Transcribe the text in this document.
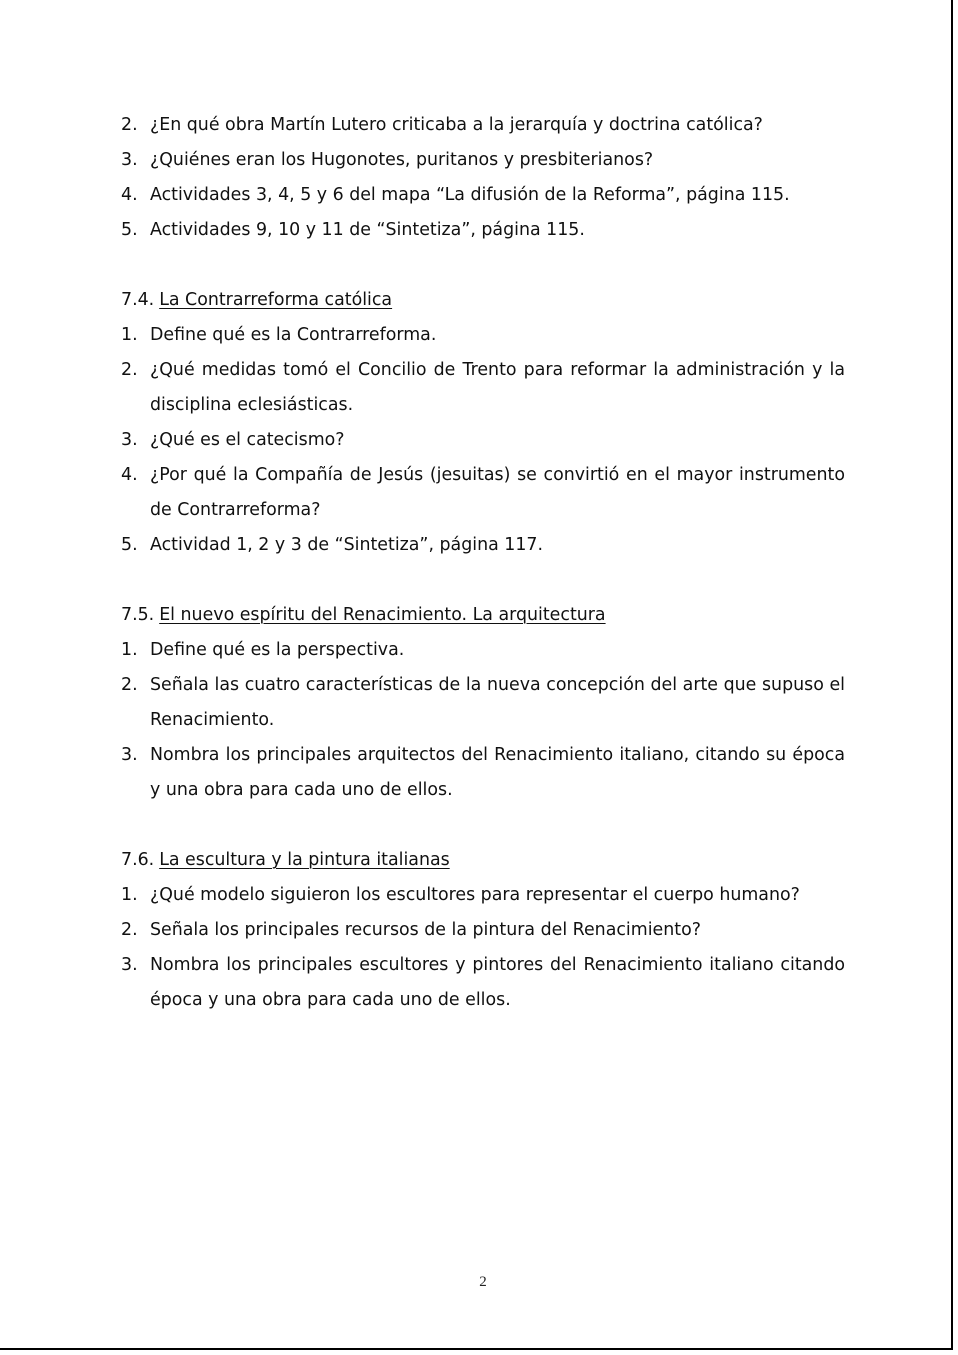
2. ¿En qué obra Martín Lutero criticaba a la jerarquía y doctrina católica?
3. ¿Quiénes eran los Hugonotes, puritanos y presbiterianos?
4. Actividades 3, 4, 5 y 6 del mapa “La difusión de la Reforma”, página 115.
5. Actividades 9, 10 y 11 de “Sintetiza”, página 115.
7.4. La Contrarreforma católica
1. Define qué es la Contrarreforma.
2. ¿Qué medidas tomó el Concilio de Trento para reformar la administración y la disciplina eclesiásticas.
3. ¿Qué es el catecismo?
4. ¿Por qué la Compañía de Jesús (jesuitas) se convirtió en el mayor instrumento de Contrarreforma?
5. Actividad 1, 2 y 3 de “Sintetiza”, página 117.
7.5. El nuevo espíritu del Renacimiento. La arquitectura
1. Define qué es la perspectiva.
2. Señala las cuatro características de la nueva concepción del arte que supuso el Renacimiento.
3. Nombra los principales arquitectos del Renacimiento italiano, citando su época y una obra para cada uno de ellos.
7.6. La escultura y la pintura italianas
1. ¿Qué modelo siguieron los escultores para representar el cuerpo humano?
2. Señala los principales recursos de la pintura del Renacimiento?
3. Nombra los principales escultores y pintores del Renacimiento italiano citando época y una obra para cada uno de ellos.
2
